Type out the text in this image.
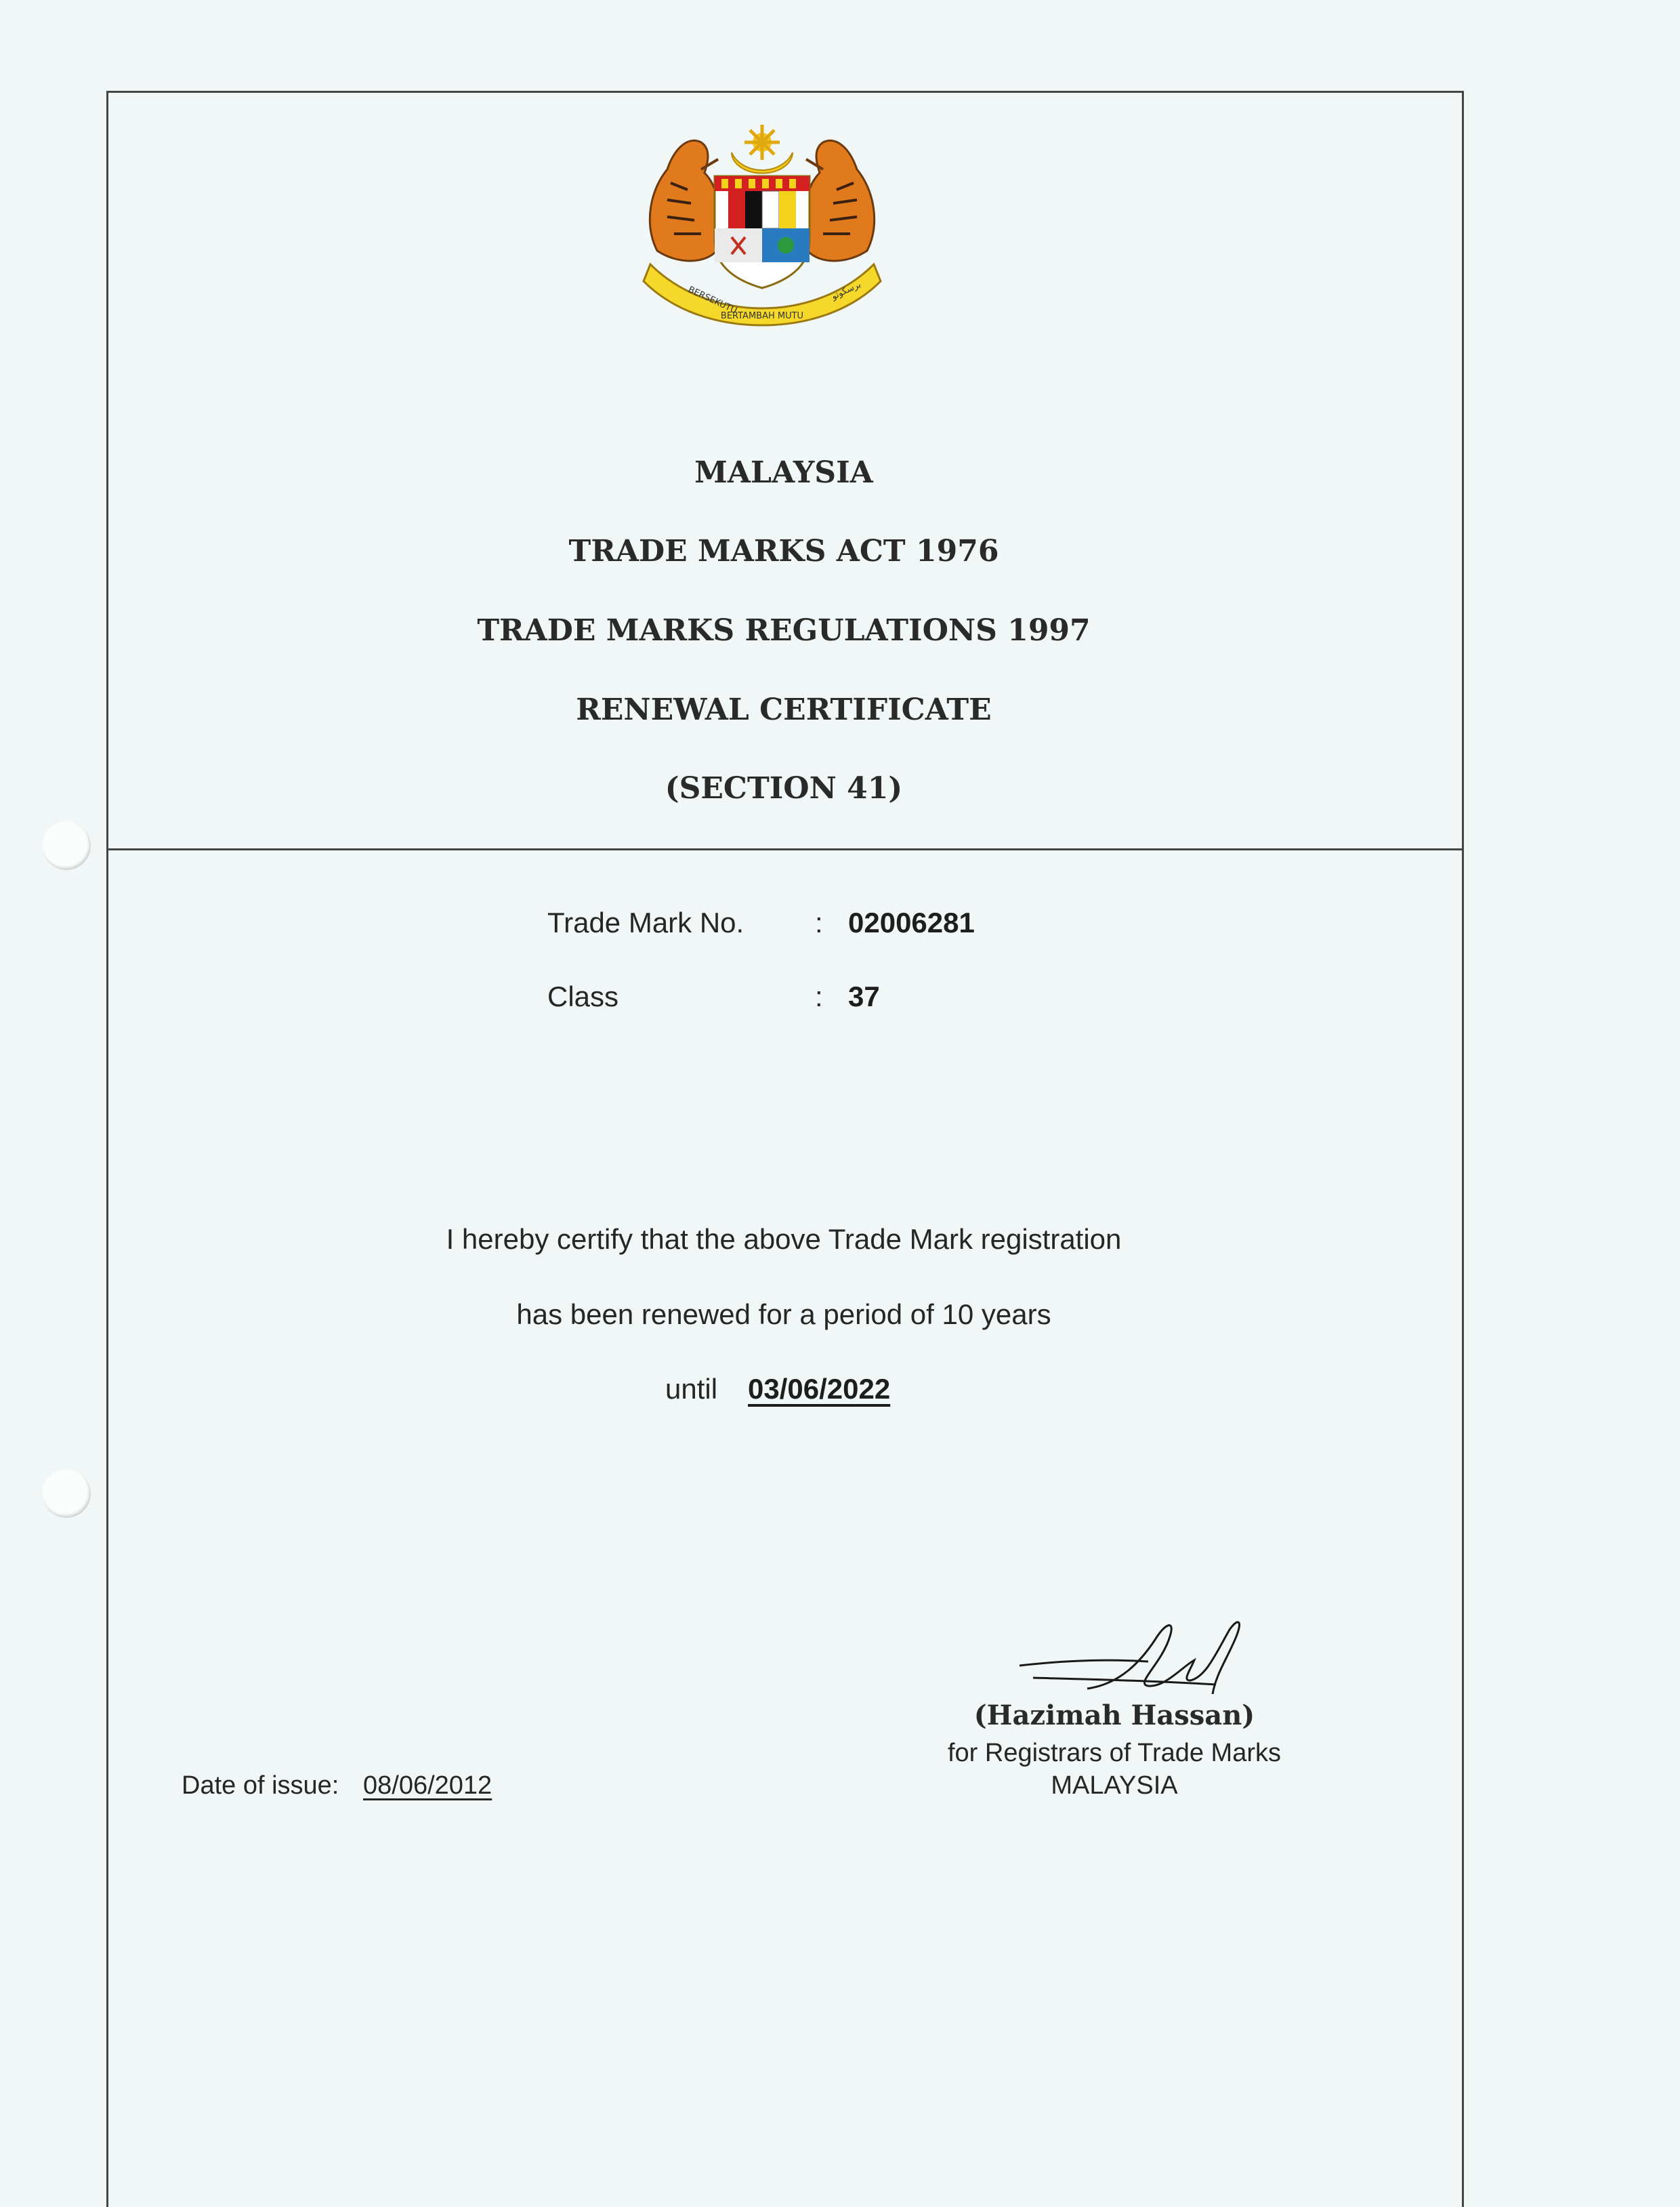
BERSEKUTU
BERTAMBAH MUTU
ﺑﺮﺳﻜﻮﺗﻮ
MALAYSIA
TRADE MARKS ACT 1976
TRADE MARKS REGULATIONS 1997
RENEWAL CERTIFICATE
(SECTION 41)
Trade Mark No. : 02006281
Class	: 37
I hereby certify that the above Trade Mark registration
has been renewed for a period of 10 years
until 03/06/2022
(Hazimah Hassan)
for Registrars of Trade Marks
MALAYSIA
Date of issue: 08/06/2012
